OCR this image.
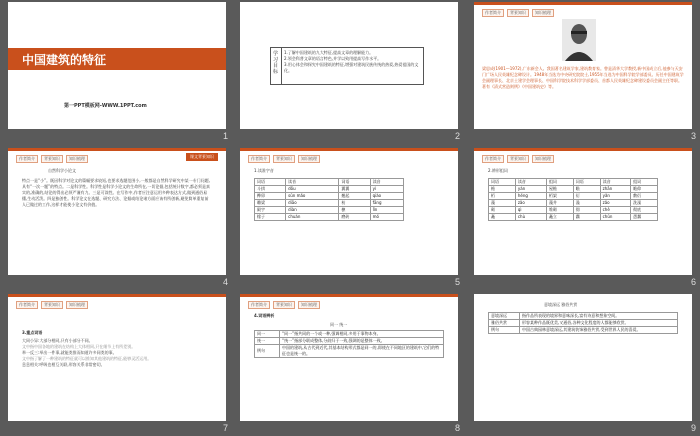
中国建筑的特征
第一PPT模板网-WWW.1PPT.com
1
学习目标
1.了解中国建筑的九大特征,提高文章的理解能力。
2.领会科普文章的语言特色,并学以致用提高写作水平。
3.用心体会和探究中国建筑的特征,增强对建筑民族传统的热爱,热爱祖国的文化。
2
作者简介	背景知识	知识梳理
梁思成(1901—1972),广东新会人。我国著名建筑学家,建筑教育家。曾是清华大学教授,新中国成立后,他参与天安门广场人民英雄纪念碑设计。1948年当选为中央研究院院士,1955年当选为中国科学院学部委员。历任中国建筑学会副理事长、北京土建学会理事长、中国科学院技术科学学部委员、首都人民英雄纪念碑建设委员会副主任等职。著有《清式营造则例》《中国建筑史》等。
3
作者简介	背景知识	知识梳理	课文背景知识
自然科学小论文
特点一是“小”。既因科学对论文的篇幅要求较短,也要求选题范围小,一般都是自然科学研究中某一专门问题,具有“一次一题”的特点。二是科学性。科学性是科学小论文的生命所在,一切论据,包括统计数字,都必须是真实的,准确的,结论的得出必须严谨有力。三是可读性。在写作中,作者应注意运用多种表达方式,做到通俗易懂,生动活泼。四是独创性。科学论文在选题、研究方法、论据或结论诸方面应该有所创新,避免简单重复前人已做过的工作,这样才能使小论文有价值。
4
作者简介	背景知识	知识梳理
1.读准字音
词语	读音	词语	读音
斗拱	dǒu	翼翼	yì
榫卯	sǔn mǎo	翘起	qiào
雕梁	diāo	枋	fāng
殿宇	diàn	檩	lǐn
椽子	chuán	磨砖	mó
5
作者简介	背景知识	知识梳理
2.辨形组词
词语	读音	组词	词语	读音	组词
檐	yán	屋檐	瞻	zhān	瞻仰
桁	héng	桁架	衍	yǎn	敷衍
藻	zǎo	藻井	澡	zǎo	洗澡
砌	qì	堆砌	彻	chè	彻底
矗	chù	矗立	蠢	chǔn	愚蠢
6
作者简介	背景知识	知识梳理
3.重点词语
大同小异:大部分相同,只有小部分不同。
文中指中国各地的建筑在结构上大体相同,只在细节上有所差别。
举一反三:举出一件事,就能类推而知道许多同类的事。
文中指了解了一种建筑的特征就可以推知其他建筑的特征,能够灵活运用。
息息相关:呼吸也相互关联,形容关系非常密切。
7
作者简介	背景知识	知识梳理
4.词语辨析
同一 统一
同一	“同一”指共同的一个或一种,强调相同,多用于事物本身。
统一	“统一”指部分联成整体,分歧归于一致,强调的是整体一致。
例句	中国的建筑,从古代到近代,其基本结构形式都是同一的,即使在不同地区的建筑中,它们的特征也是统一的。
8
意境深远 雅俗共赏
意境深远	指作品所表现的境界和意味深长,富有诗意和想象空间。
雅俗共赏	形容某种作品既优美,又通俗,各种文化程度的人都能够欣赏。
例句	中国古典园林意境深远,其建筑装饰雅俗共赏,受到世界人民的喜爱。
9
